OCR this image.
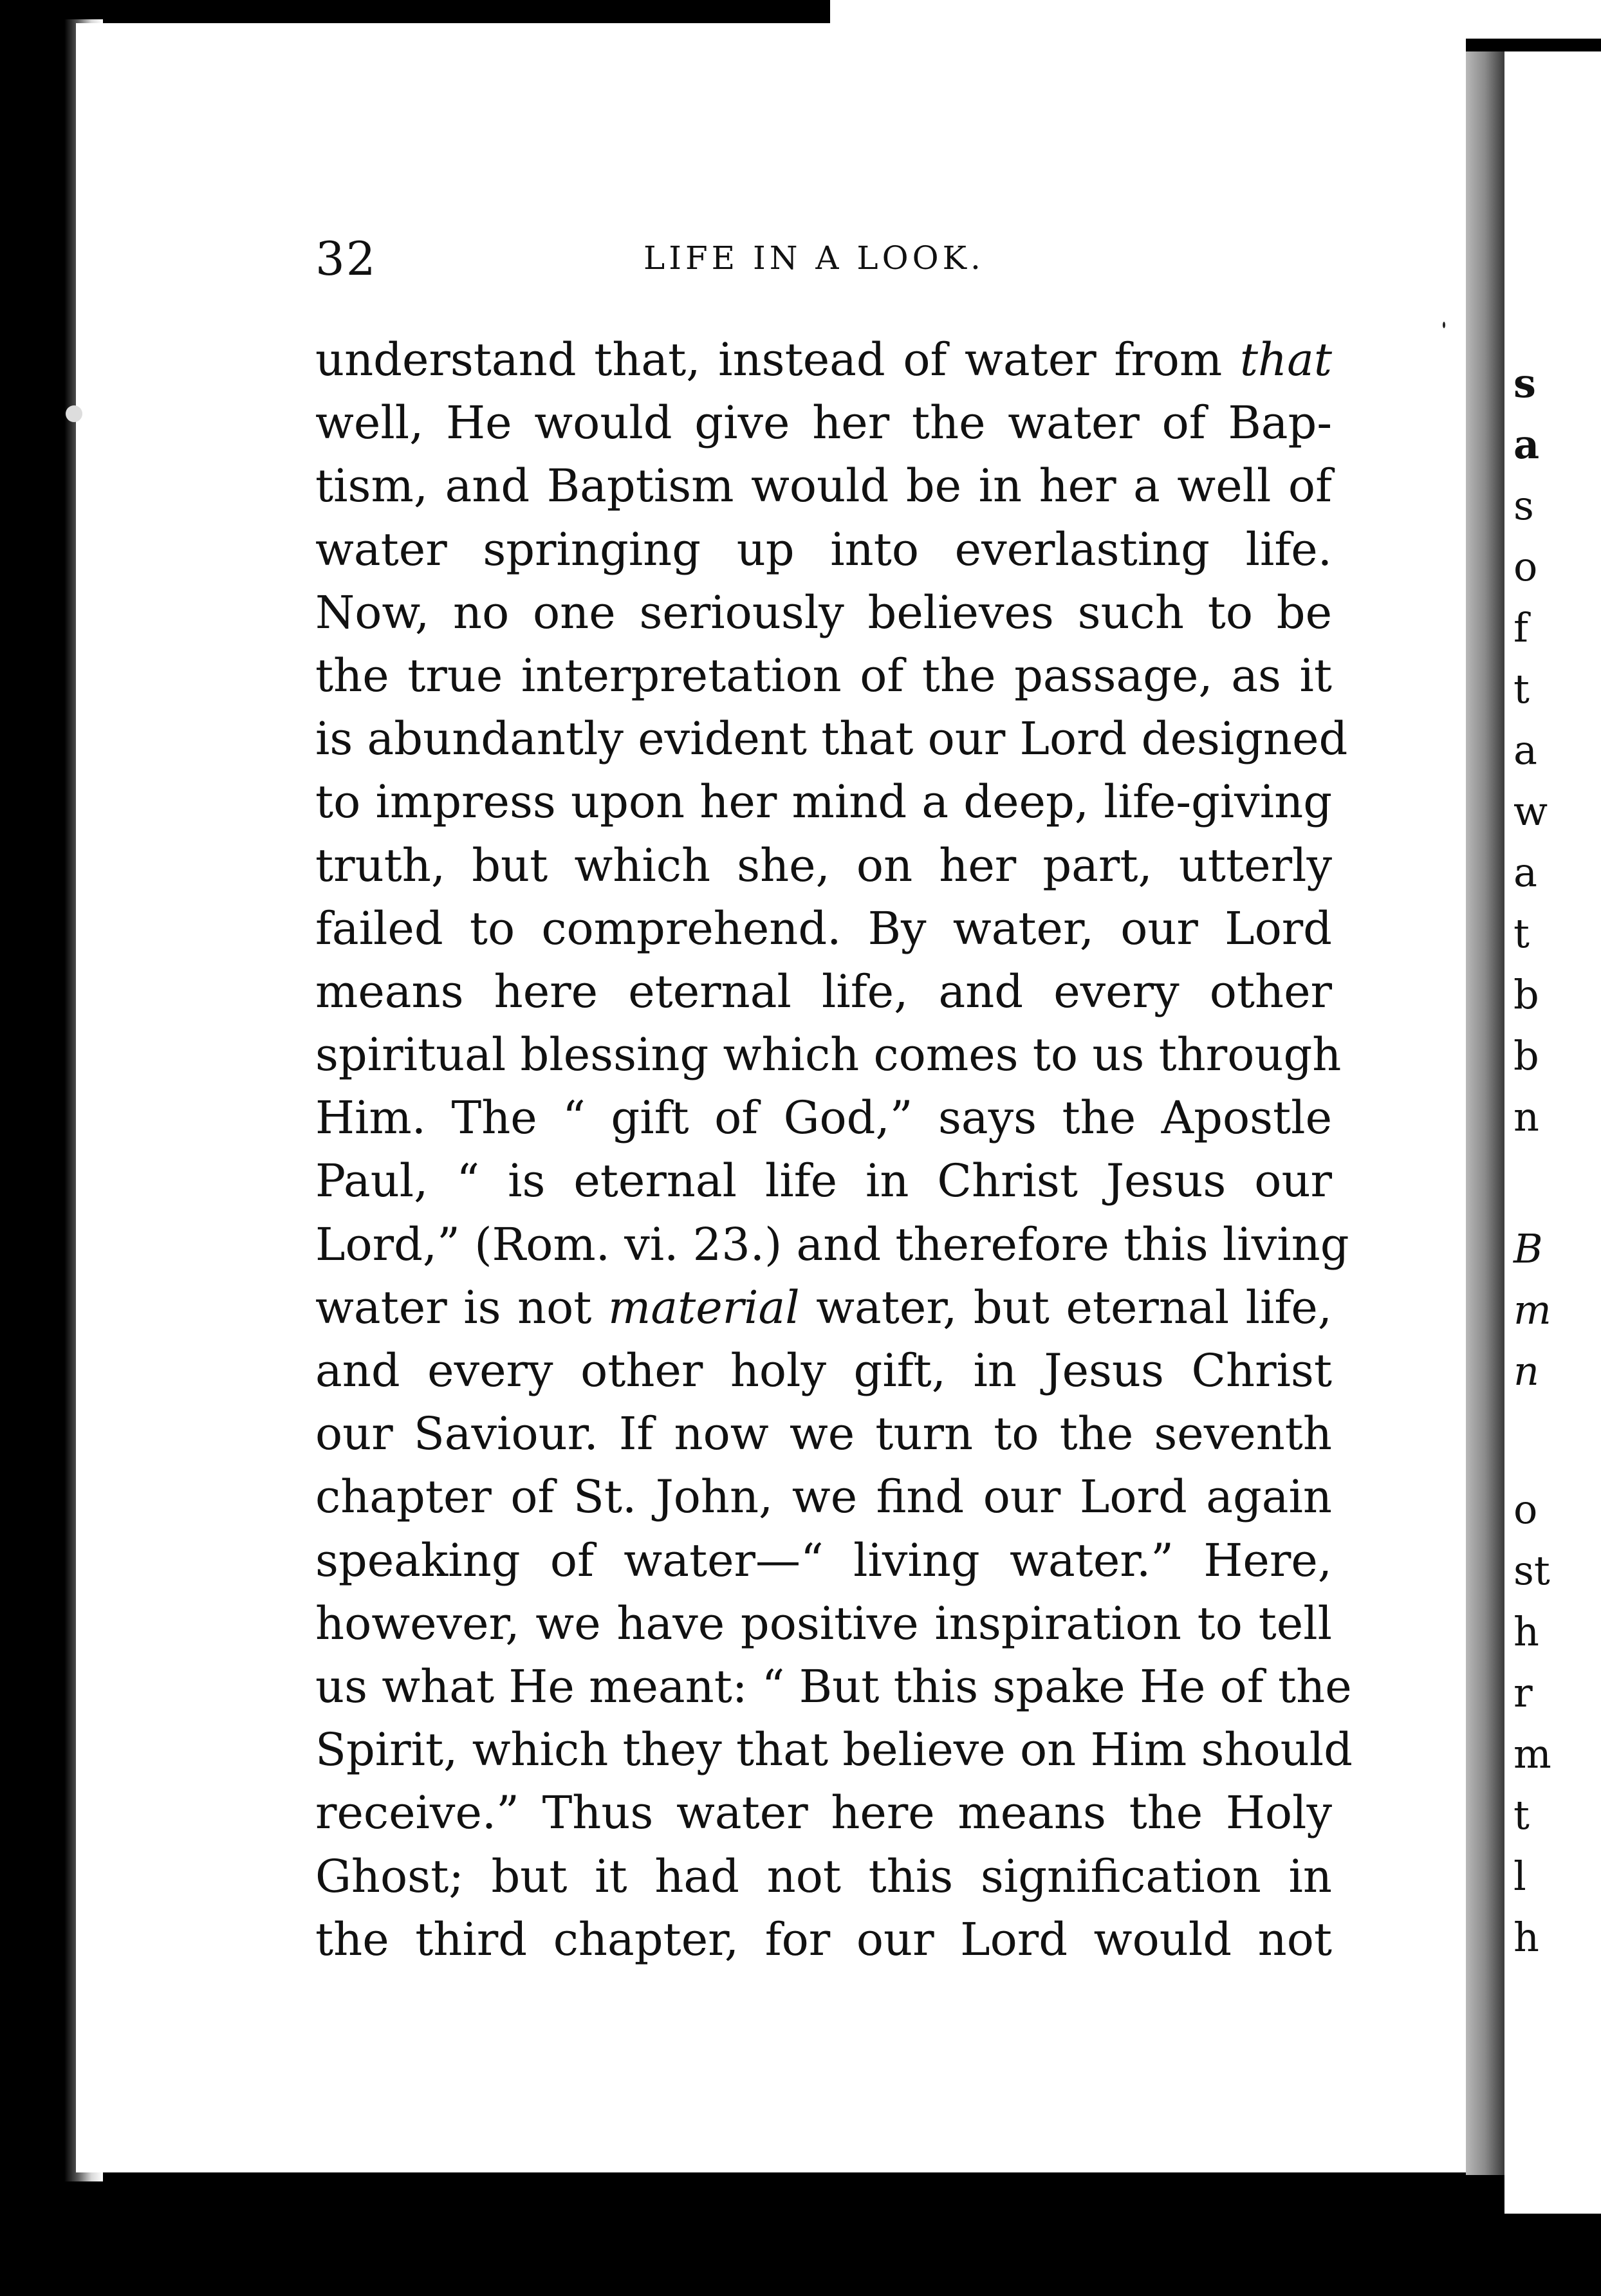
s
a
s
o
f
t
a
w
a
t
b
b
n
B
m
n
o
st
h
r
m
t
l
h
32	LIFE IN A LOOK.
understand that, instead of water from that
well, He would give her the water of Bap-
tism, and Baptism would be in her a well of
water springing up into everlasting life.
Now, no one seriously believes such to be
the true interpretation of the passage, as it
is abundantly evident that our Lord designed
to impress upon her mind a deep, life-giving
truth, but which she, on her part, utterly
failed to comprehend. By water, our Lord
means here eternal life, and every other
spiritual blessing which comes to us through
Him. The “ gift of God,” says the Apostle
Paul, “ is eternal life in Christ Jesus our
Lord,” (Rom. vi. 23.) and therefore this living
water is not material water, but eternal life,
and every other holy gift, in Jesus Christ
our Saviour. If now we turn to the seventh
chapter of St. John, we find our Lord again
speaking of water—“ living water.” Here,
however, we have positive inspiration to tell
us what He meant: “ But this spake He of the
Spirit, which they that believe on Him should
receive.” Thus water here means the Holy
Ghost; but it had not this signification in
the third chapter, for our Lord would not
